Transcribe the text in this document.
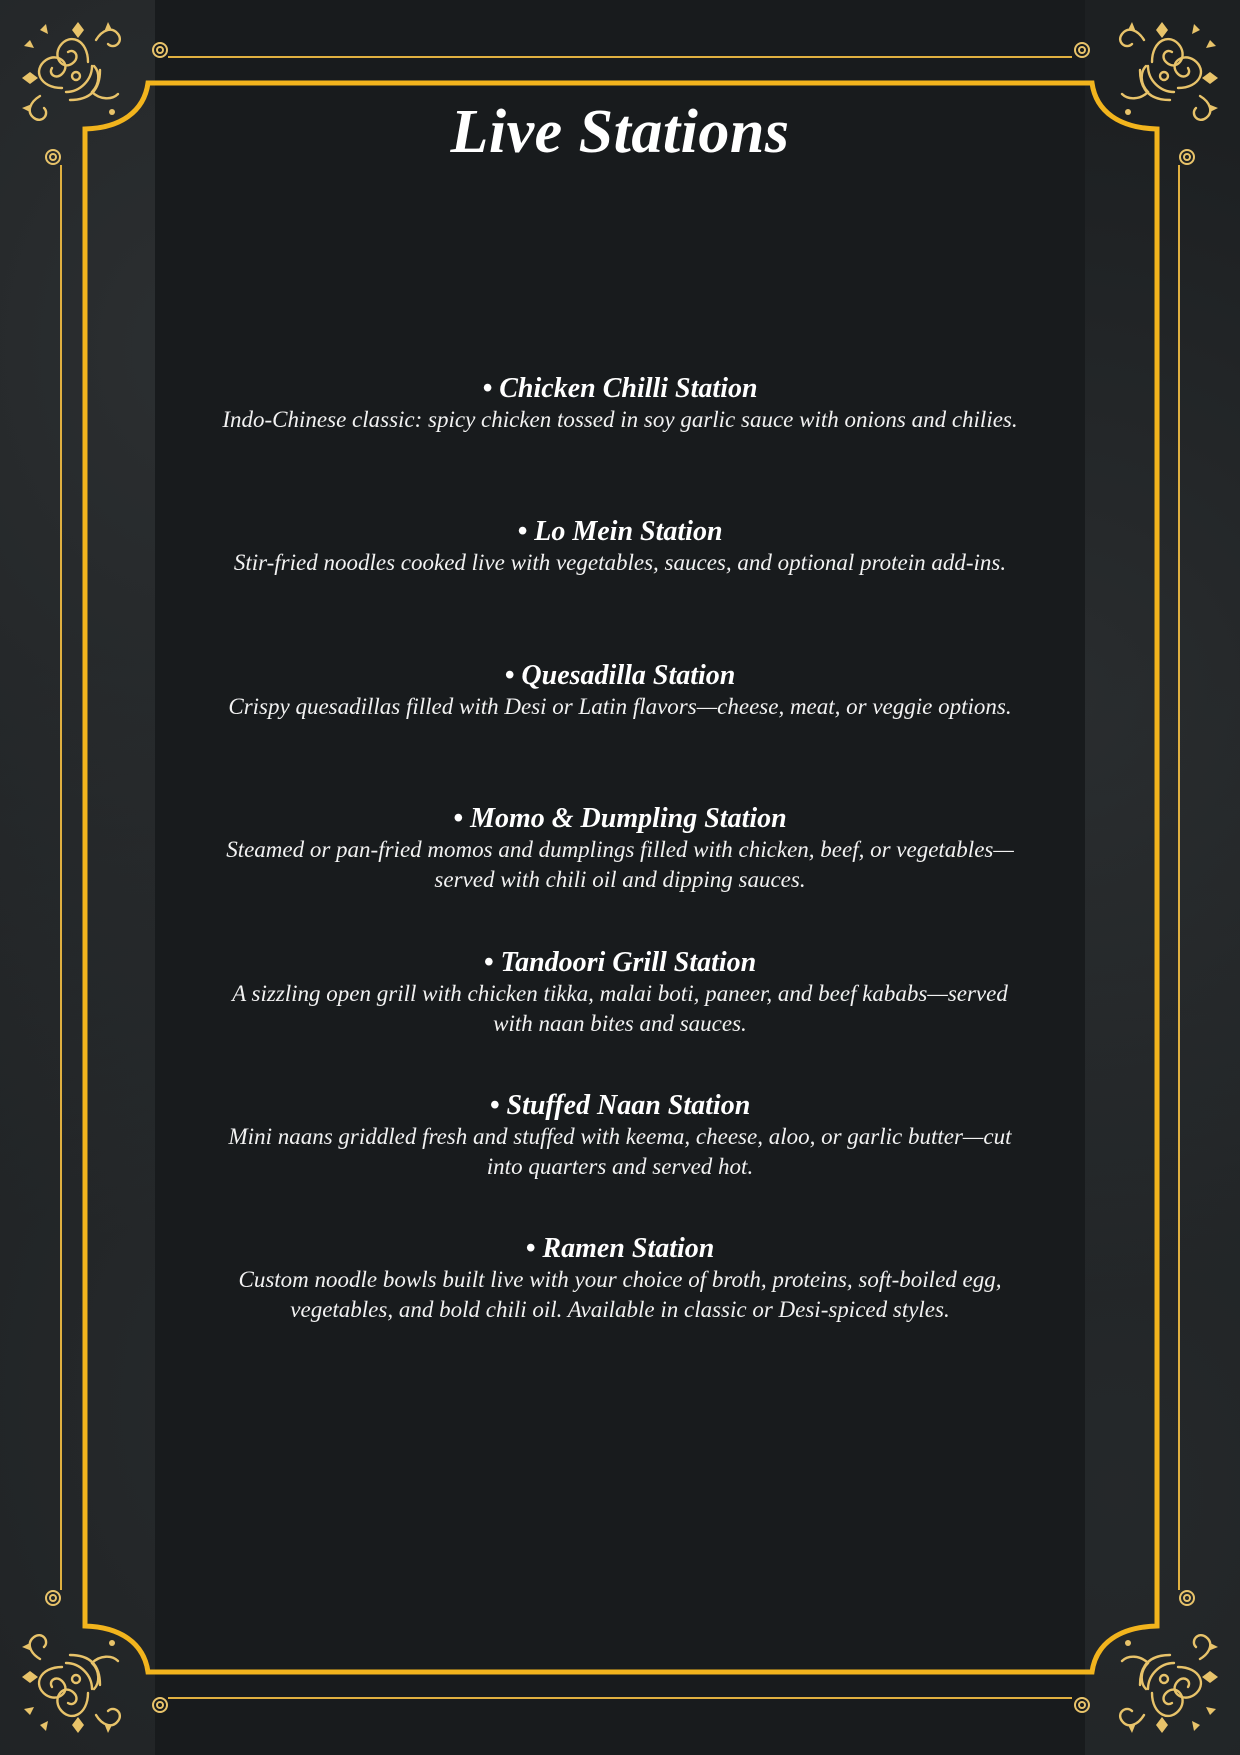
Live Stations
• Chicken Chilli Station
Indo-Chinese classic: spicy chicken tossed in soy garlic sauce with onions and chilies.
• Lo Mein Station
Stir-fried noodles cooked live with vegetables, sauces, and optional protein add-ins.
• Quesadilla Station
Crispy quesadillas filled with Desi or Latin flavors—cheese, meat, or veggie options.
• Momo & Dumpling Station
Steamed or pan-fried momos and dumplings filled with chicken, beef, or vegetables—served with chili oil and dipping sauces.
• Tandoori Grill Station
A sizzling open grill with chicken tikka, malai boti, paneer, and beef kababs—served with naan bites and sauces.
• Stuffed Naan Station
Mini naans griddled fresh and stuffed with keema, cheese, aloo, or garlic butter—cut into quarters and served hot.
• Ramen Station
Custom noodle bowls built live with your choice of broth, proteins, soft-boiled egg, vegetables, and bold chili oil. Available in classic or Desi-spiced styles.
